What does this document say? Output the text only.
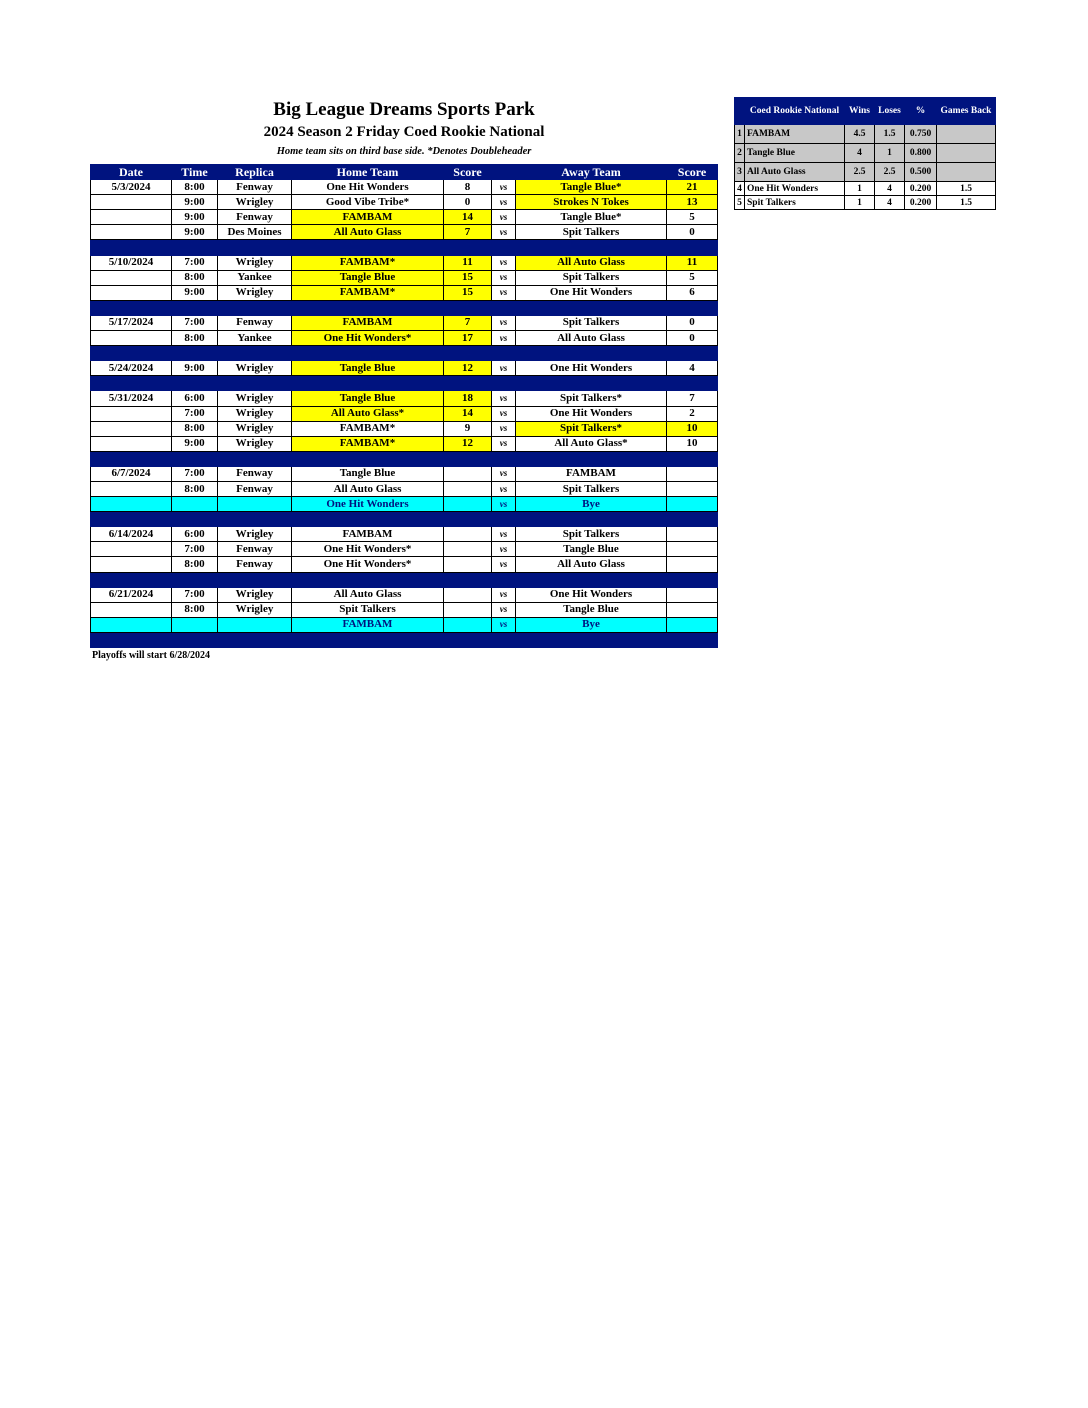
Big League Dreams Sports Park
2024 Season 2 Friday Coed Rookie National
Home team sits on third base side. *Denotes Doubleheader
Date	Time	Replica	Home Team	Score		Away Team	Score
5/3/2024	8:00	Fenway	One Hit Wonders	8	vs	Tangle Blue*	21
	9:00	Wrigley	Good Vibe Tribe*	0	vs	Strokes N Tokes	13
	9:00	Fenway	FAMBAM	14	vs	Tangle Blue*	5
	9:00	Des Moines	All Auto Glass	7	vs	Spit Talkers	0

5/10/2024	7:00	Wrigley	FAMBAM*	11	vs	All Auto Glass	11
	8:00	Yankee	Tangle Blue	15	vs	Spit Talkers	5
	9:00	Wrigley	FAMBAM*	15	vs	One Hit Wonders	6

5/17/2024	7:00	Fenway	FAMBAM	7	vs	Spit Talkers	0
	8:00	Yankee	One Hit Wonders*	17	vs	All Auto Glass	0

5/24/2024	9:00	Wrigley	Tangle Blue	12	vs	One Hit Wonders	4

5/31/2024	6:00	Wrigley	Tangle Blue	18	vs	Spit Talkers*	7
	7:00	Wrigley	All Auto Glass*	14	vs	One Hit Wonders	2
	8:00	Wrigley	FAMBAM*	9	vs	Spit Talkers*	10
	9:00	Wrigley	FAMBAM*	12	vs	All Auto Glass*	10

6/7/2024	7:00	Fenway	Tangle Blue		vs	FAMBAM	
	8:00	Fenway	All Auto Glass		vs	Spit Talkers	
			One Hit Wonders		vs	Bye	

6/14/2024	6:00	Wrigley	FAMBAM		vs	Spit Talkers	
	7:00	Fenway	One Hit Wonders*		vs	Tangle Blue	
	8:00	Fenway	One Hit Wonders*		vs	All Auto Glass	

6/21/2024	7:00	Wrigley	All Auto Glass		vs	One Hit Wonders	
	8:00	Wrigley	Spit Talkers		vs	Tangle Blue	
			FAMBAM		vs	Bye	

Playoffs will start 6/28/2024
	Coed Rookie National	Wins	Loses	%	Games Back
1	FAMBAM	4.5	1.5	0.750	
2	Tangle Blue	4	1	0.800	
3	All Auto Glass	2.5	2.5	0.500	
4	One Hit Wonders	1	4	0.200	1.5
5	Spit Talkers	1	4	0.200	1.5
